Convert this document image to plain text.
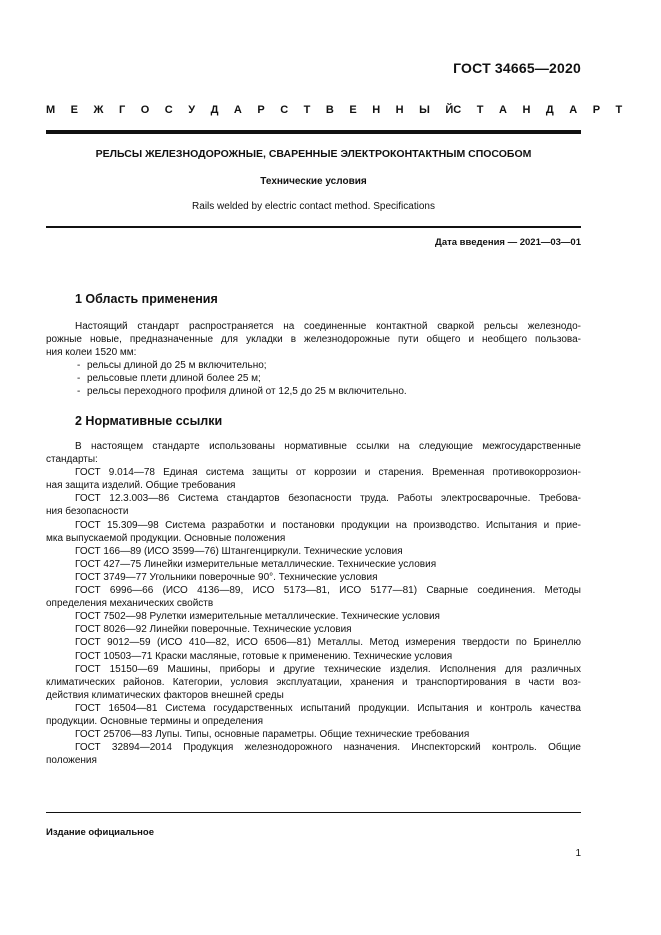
ГОСТ 34665—2020
М Е Ж Г О С У Д А Р С Т В Е Н Н Ы Й С Т А Н Д А Р Т
РЕЛЬСЫ ЖЕЛЕЗНОДОРОЖНЫЕ, СВАРЕННЫЕ ЭЛЕКТРОКОНТАКТНЫМ СПОСОБОМ
Технические условия
Rails welded by electric contact method. Specifications
Дата введения — 2021—03—01
1 Область применения
Настоящий стандарт распространяется на соединенные контактной сваркой рельсы железнодо-
рожные новые, предназначенные для укладки в железнодорожные пути общего и необщего пользова-
ния колеи 1520 мм:
- рельсы длиной до 25 м включительно;
- рельсовые плети длиной более 25 м;
- рельсы переходного профиля длиной от 12,5 до 25 м включительно.
2 Нормативные ссылки
В настоящем стандарте использованы нормативные ссылки на следующие межгосударственные
стандарты:
ГОСТ 9.014—78 Единая система защиты от коррозии и старения. Временная противокоррозион-
ная защита изделий. Общие требования
ГОСТ 12.3.003—86 Система стандартов безопасности труда. Работы электросварочные. Требова-
ния безопасности
ГОСТ 15.309—98 Система разработки и постановки продукции на производство. Испытания и прие-
мка выпускаемой продукции. Основные положения
ГОСТ 166—89 (ИСО 3599—76) Штангенциркули. Технические условия
ГОСТ 427—75 Линейки измерительные металлические. Технические условия
ГОСТ 3749—77 Угольники поверочные 90°. Технические условия
ГОСТ 6996—66 (ИСО 4136—89, ИСО 5173—81, ИСО 5177—81) Сварные соединения. Методы
определения механических свойств
ГОСТ 7502—98 Рулетки измерительные металлические. Технические условия
ГОСТ 8026—92 Линейки поверочные. Технические условия
ГОСТ 9012—59 (ИСО 410—82, ИСО 6506—81) Металлы. Метод измерения твердости по Бринеллю
ГОСТ 10503—71 Краски масляные, готовые к применению. Технические условия
ГОСТ 15150—69 Машины, приборы и другие технические изделия. Исполнения для различных
климатических районов. Категории, условия эксплуатации, хранения и транспортирования в части воз-
действия климатических факторов внешней среды
ГОСТ 16504—81 Система государственных испытаний продукции. Испытания и контроль качества
продукции. Основные термины и определения
ГОСТ 25706—83 Лупы. Типы, основные параметры. Общие технические требования
ГОСТ 32894—2014 Продукция железнодорожного назначения. Инспекторский контроль. Общие
положения
Издание официальное
1
